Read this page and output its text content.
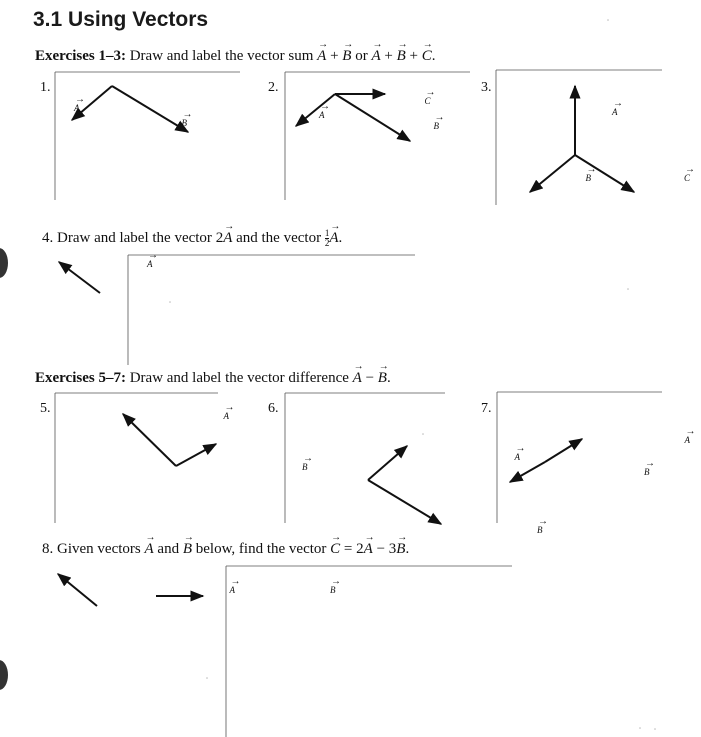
3.1 Using Vectors
Exercises 1–3: Draw and label the vector sum → A + → B or → A + → B + → C.
1.	2.	3.
→ A → B → A → C → B → A → B →	C
4. Draw and label the vector 2→ A and the vector $\frac{1}{2}$
→ A.
→ A
Exercises 5–7: Draw and label the vector difference → A − → B.
5.	6.	7.
→ A → B → A → B → A → B
8. Given vectors → A and → B below, find the vector → C = 2→ A − 3→ B.
→ A →	B
